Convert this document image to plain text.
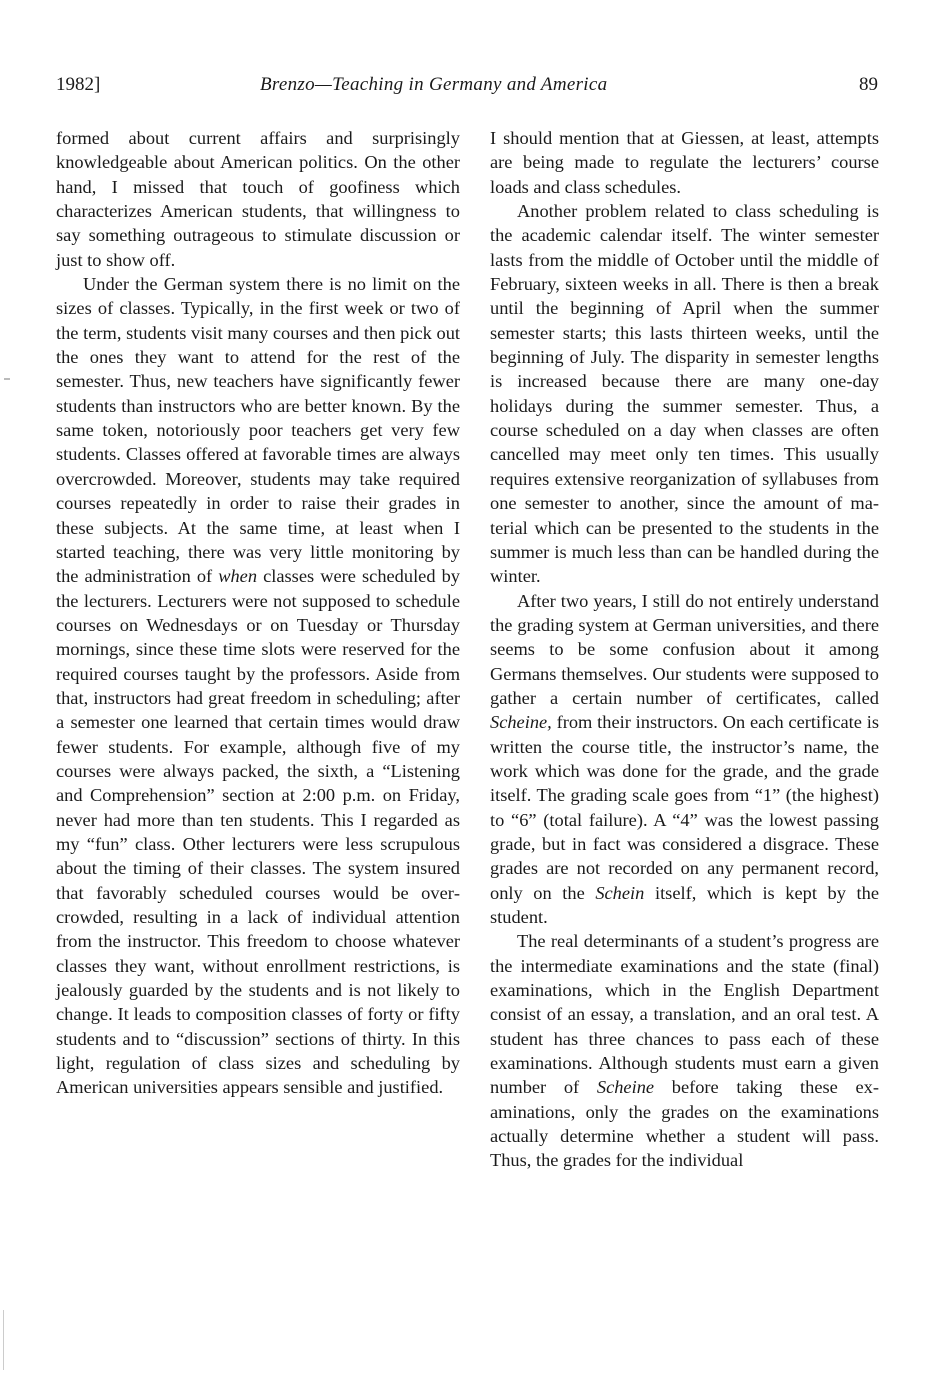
1982]	Brenzo—Teaching in Germany and America	89

formed about current affairs and surprisingly knowledgeable about American politics. On the other hand, I missed that touch of goofiness which characterizes American students, that willingness to say something outrageous to stimulate discussion or just to show off.

Under the German system there is no limit on the sizes of classes. Typically, in the first week or two of the term, students visit many courses and then pick out the ones they want to attend for the rest of the semester. Thus, new teachers have significantly fewer students than instructors who are better known. By the same token, notoriously poor teachers get very few students. Classes offered at favorable times are always overcrowded. Moreover, students may take required courses repeatedly in order to raise their grades in these subjects. At the same time, at least when I started teaching, there was very little monitoring by the administration of when classes were scheduled by the lecturers. Lecturers were not supposed to schedule courses on Wednesdays or on Tuesday or Thursday mornings, since these time slots were reserved for the required courses taught by the professors. Aside from that, instructors had great freedom in scheduling; after a semester one learned that certain times would draw fewer students. For example, although five of my courses were always packed, the sixth, a “Listening and Comprehension” section at 2:00 p.m. on Friday, never had more than ten students. This I regarded as my “fun” class. Other lecturers were less scrupulous about the timing of their classes. The system insured that favorably scheduled courses would be overcrowded, resulting in a lack of individual attention from the instructor. This freedom to choose whatever classes they want, without enrollment restrictions, is jealously guarded by the students and is not likely to change. It leads to composition classes of forty or fifty students and to “discussion” sections of thirty. In this light, regulation of class sizes and scheduling by American universities appears sensible and justified.

I should mention that at Giessen, at least, attempts are being made to regulate the lecturers’ course loads and class schedules.

Another problem related to class scheduling is the academic calendar itself. The winter semester lasts from the middle of October until the middle of February, sixteen weeks in all. There is then a break until the beginning of April when the summer semester starts; this lasts thirteen weeks, until the beginning of July. The disparity in semester lengths is increased because there are many one-day holidays during the summer semester. Thus, a course scheduled on a day when classes are often cancelled may meet only ten times. This usually requires extensive reorganization of syllabuses from one semester to another, since the amount of material which can be presented to the students in the summer is much less than can be handled during the winter.

After two years, I still do not entirely understand the grading system at German universities, and there seems to be some confusion about it among Germans themselves. Our students were supposed to gather a certain number of certificates, called Scheine, from their instructors. On each certificate is written the course title, the instructor’s name, the work which was done for the grade, and the grade itself. The grading scale goes from “1” (the highest) to “6” (total failure). A “4” was the lowest passing grade, but in fact was considered a disgrace. These grades are not recorded on any permanent record, only on the Schein itself, which is kept by the student.

The real determinants of a student’s progress are the intermediate examinations and the state (final) examinations, which in the English Department consist of an essay, a translation, and an oral test. A student has three chances to pass each of these examinations. Although students must earn a given number of Scheine before taking these examinations, only the grades on the examinations actually determine whether a student will pass. Thus, the grades for the individual
